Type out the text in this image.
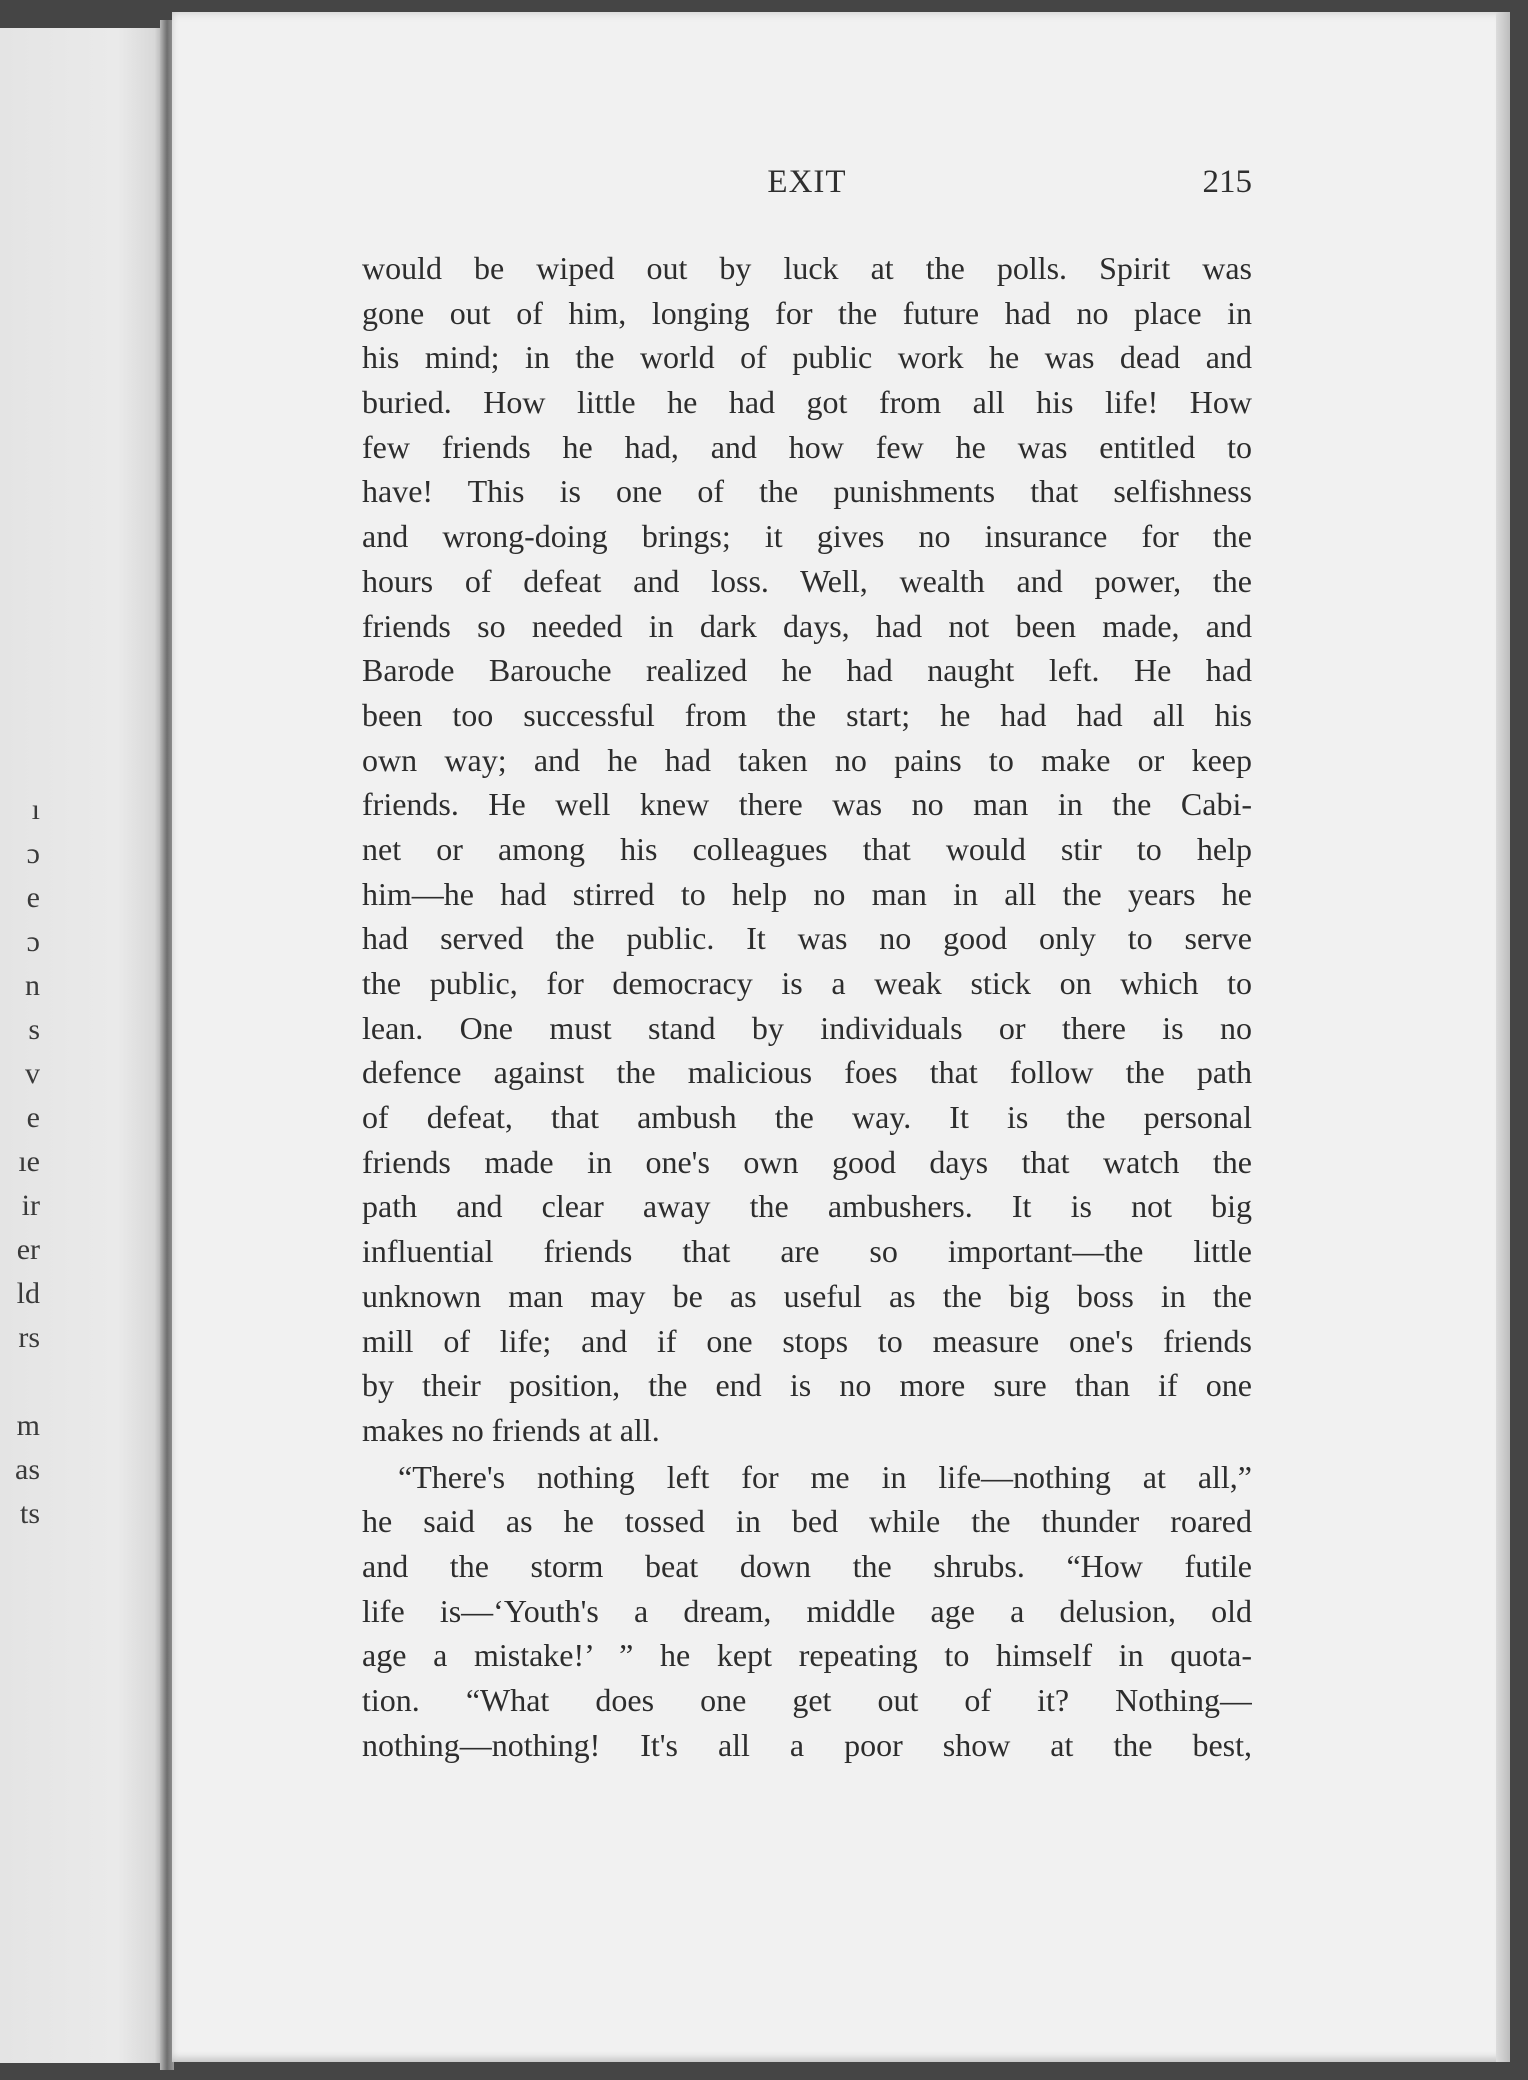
ı
ɔ
e
ɔ
n
s
v
e
ıe
ir
er
ld
rs
m
as
ts
EXIT	215
would be wiped out by luck at the polls. Spirit was
gone out of him, longing for the future had no place in
his mind; in the world of public work he was dead and
buried. How little he had got from all his life! How
few friends he had, and how few he was entitled to
have! This is one of the punishments that selfishness
and wrong-doing brings; it gives no insurance for the
hours of defeat and loss. Well, wealth and power, the
friends so needed in dark days, had not been made, and
Barode Barouche realized he had naught left. He had
been too successful from the start; he had had all his
own way; and he had taken no pains to make or keep
friends. He well knew there was no man in the Cabi-
net or among his colleagues that would stir to help
him—he had stirred to help no man in all the years he
had served the public. It was no good only to serve
the public, for democracy is a weak stick on which to
lean. One must stand by individuals or there is no
defence against the malicious foes that follow the path
of defeat, that ambush the way. It is the personal
friends made in one's own good days that watch the
path and clear away the ambushers. It is not big
influential friends that are so important—the little
unknown man may be as useful as the big boss in the
mill of life; and if one stops to measure one's friends
by their position, the end is no more sure than if one
makes no friends at all.
“There's nothing left for me in life—nothing at all,”
he said as he tossed in bed while the thunder roared
and the storm beat down the shrubs. “How futile
life is—‘Youth's a dream, middle age a delusion, old
age a mistake!’ ” he kept repeating to himself in quota-
tion. “What does one get out of it? Nothing—
nothing—nothing! It's all a poor show at the best,
